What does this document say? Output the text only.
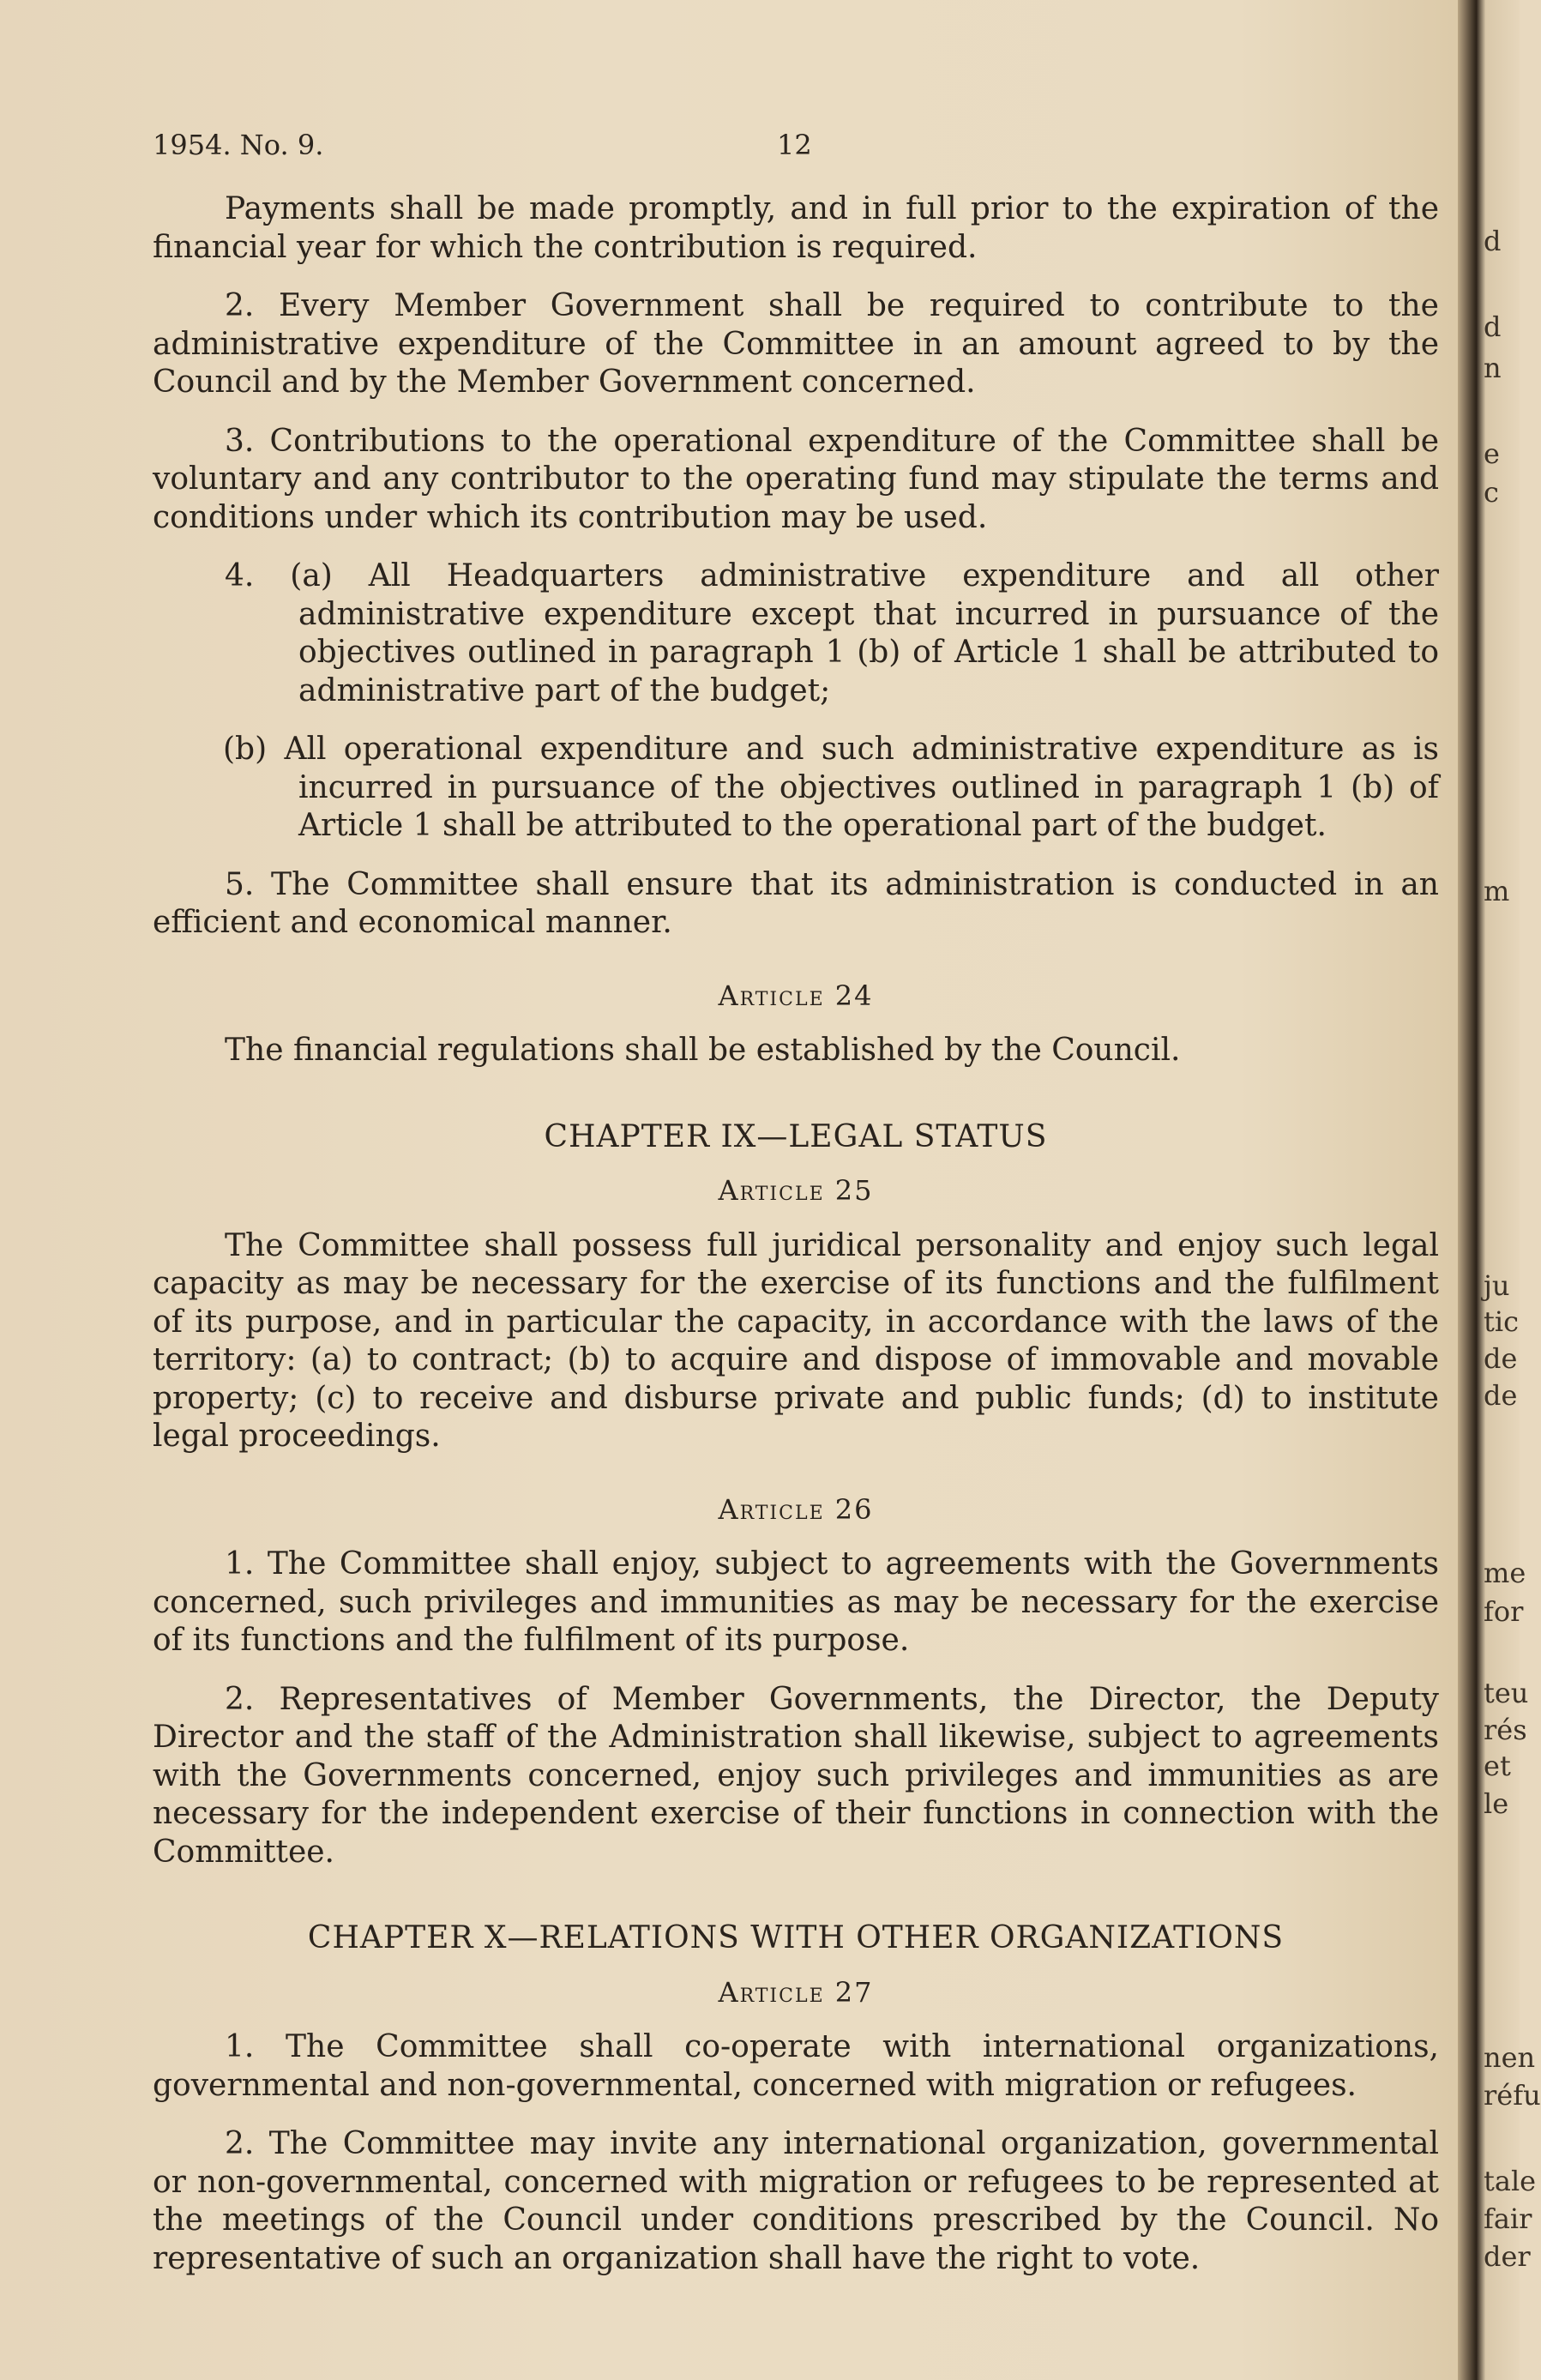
1954. No. 9.	12

Payments shall be made promptly, and in full prior to the expiration of the financial year for which the contribution is required.

2. Every Member Government shall be required to contribute to the administrative expenditure of the Committee in an amount agreed to by the Council and by the Member Government concerned.

3. Contributions to the operational expenditure of the Committee shall be voluntary and any contributor to the operating fund may stipulate the terms and conditions under which its contribution may be used.

4. (a) All Headquarters administrative expenditure and all other administrative expenditure except that incurred in pursuance of the objectives outlined in paragraph 1 (b) of Article 1 shall be attributed to administrative part of the budget;

(b) All operational expenditure and such administrative expenditure as is incurred in pursuance of the objectives outlined in paragraph 1 (b) of Article 1 shall be attributed to the operational part of the budget.

5. The Committee shall ensure that its administration is conducted in an efficient and economical manner.

Article 24

The financial regulations shall be established by the Council.

CHAPTER IX—LEGAL STATUS
Article 25

The Committee shall possess full juridical personality and enjoy such legal capacity as may be necessary for the exercise of its functions and the fulfilment of its purpose, and in particular the capacity, in accordance with the laws of the territory: (a) to contract; (b) to acquire and dispose of immovable and movable property; (c) to receive and disburse private and public funds; (d) to institute legal proceedings.

Article 26

1. The Committee shall enjoy, subject to agreements with the Governments concerned, such privileges and immunities as may be necessary for the exercise of its functions and the fulfilment of its purpose.

2. Representatives of Member Governments, the Director, the Deputy Director and the staff of the Administration shall likewise, subject to agreements with the Governments concerned, enjoy such privileges and immunities as are necessary for the independent exercise of their functions in connection with the Committee.

CHAPTER X—RELATIONS WITH OTHER ORGANIZATIONS
Article 27

1. The Committee shall co-operate with international organizations, governmental and non-governmental, concerned with migration or refugees.

2. The Committee may invite any international organization, governmental or non-governmental, concerned with migration or refugees to be represented at the meetings of the Council under conditions prescribed by the Council. No representative of such an organization shall have the right to vote.

d
d
n
e
c
m
ju
tic
de
de
me
for
teu
rés
et
le
nen
réfu
tale
fair
der
